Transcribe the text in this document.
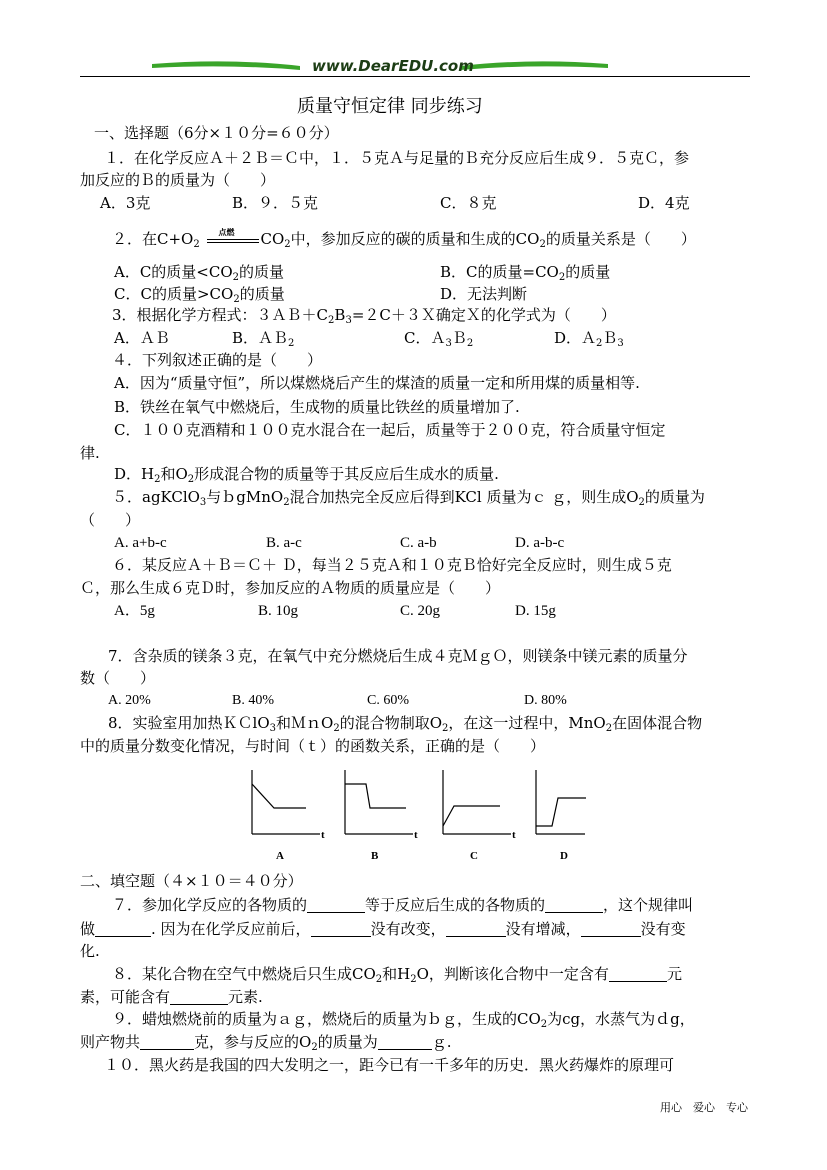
www.DearEDU.com
质量守恒定律 同步练习
一、选择题（6分×１０分=６０分）
１．在化学反应Ａ＋２Ｂ＝Ｃ中，１．５克Ａ与足量的Ｂ充分反应后生成９．５克Ｃ，参
加反应的Ｂ的质量为（　　）
A．3克	B．９．５克	C．８克	D．4克
２．在$C+O_2$
点燃 $CO_2$中，参加反应的碳的质量和生成的$CO_2$的质量关系是（　　）
A．C的质量$<CO_2$的质量	B．C的质量$=CO_2$的质量
C．C的质量$>CO_2$的质量	D．无法判断
3．根据化学方程式：$3AB+C_2B_3=2C+3X$确定Ｘ的化学式为（　　）
A．ＡＢ	B．ＡＢ$_2$	C．Ａ$_3$Ｂ$_2$	D．Ａ$_2$Ｂ$_3$
４．下列叙述正确的是（　　）
A．因为“质量守恒”，所以煤燃烧后产生的煤渣的质量一定和所用煤的质量相等.
B．铁丝在氧气中燃烧后，生成物的质量比铁丝的质量增加了.
C．１００克酒精和１００克水混合在一起后，质量等于２００克，符合质量守恒定
律.
D．$H_2$和$O_2$形成混合物的质量等于其反应后生成水的质量.
５．agKClO$_3$与ｂgMnO$_2$混合加热完全反应后得到KCl 质量为ｃ ｇ，则生成$O_2$的质量为
（　　）
A. a+b-c	B. a-c	C. a-b	D. a-b-c
６．某反应Ａ＋Ｂ＝Ｃ＋ Ｄ，每当２５克Ａ和１０克Ｂ恰好完全反应时，则生成５克
Ｃ，那么生成６克Ｄ时，参加反应的Ａ物质的质量应是（　　）
A．5g	B. 10g	C. 20g	D. 15g
7．含杂质的镁条３克，在氧气中充分燃烧后生成４克ＭｇＯ，则镁条中镁元素的质量分
数（　　）
A. 20%	B. 40%	C. 60%	D. 80%
8．实验室用加热ＫＣlO$_3$和ＭｎO$_2$的混合物制取$O_2$，在这一过程中，MnO$_2$在固体混合物
中的质量分数变化情况，与时间（ｔ）的函数关系，正确的是（　　）
t
A
t
B
t
C	D
二、填空题（４×１０＝４０分）
７．参加化学反应的各物质的	等于反应后生成的各物质的	，这个规律叫
做	. 因为在化学反应前后，	没有改变，	没有增减，	没有变
化.
８．某化合物在空气中燃烧后只生成$CO_2$和$H_2O$，判断该化合物中一定含有	元
素，可能含有	元素.
９．蜡烛燃烧前的质量为ａｇ，燃烧后的质量为ｂｇ，生成的$CO_2$为cg，水蒸气为ｄg，
则产物共	克，参与反应的$O_2$的质量为	ｇ.
１０．黑火药是我国的四大发明之一，距今已有一千多年的历史．黑火药爆炸的原理可
用心　爱心　专心
